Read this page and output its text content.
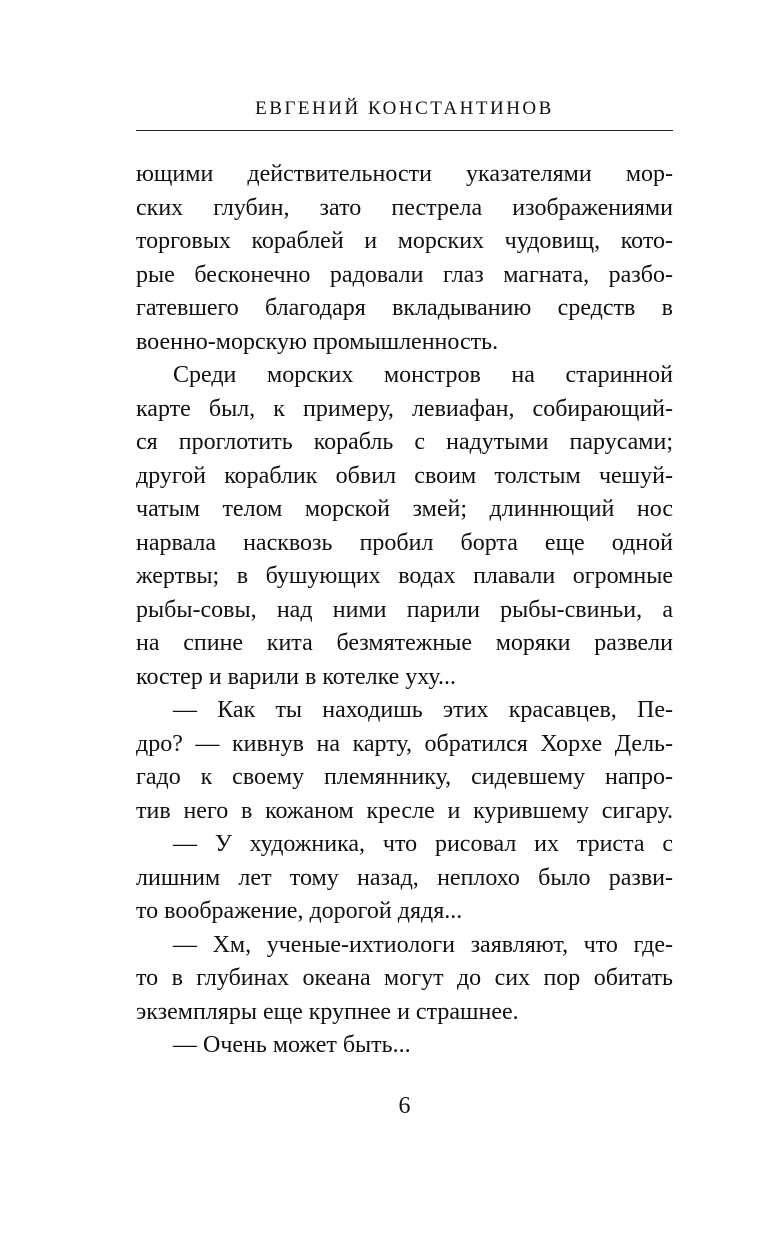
ЕВГЕНИЙ КОНСТАНТИНОВ
ющими действительности указателями мор-
ских глубин, зато пестрела изображениями
торговых кораблей и морских чудовищ, кото-
рые бесконечно радовали глаз магната, разбо-
гатевшего благодаря вкладыванию средств в
военно-морскую промышленность.
Среди морских монстров на старинной
карте был, к примеру, левиафан, собирающий-
ся проглотить корабль с надутыми парусами;
другой кораблик обвил своим толстым чешуй-
чатым телом морской змей; длиннющий нос
нарвала насквозь пробил борта еще одной
жертвы; в бушующих водах плавали огромные
рыбы-совы, над ними парили рыбы-свиньи, а
на спине кита безмятежные моряки развели
костер и варили в котелке уху...
— Как ты находишь этих красавцев, Пе-
дро? — кивнув на карту, обратился Хорхе Дель-
гадо к своему племяннику, сидевшему напро-
тив него в кожаном кресле и курившему сигару.
— У художника, что рисовал их триста с
лишним лет тому назад, неплохо было разви-
то воображение, дорогой дядя...
— Хм, ученые-ихтиологи заявляют, что где-
то в глубинах океана могут до сих пор обитать
экземпляры еще крупнее и страшнее.
— Очень может быть...
6
